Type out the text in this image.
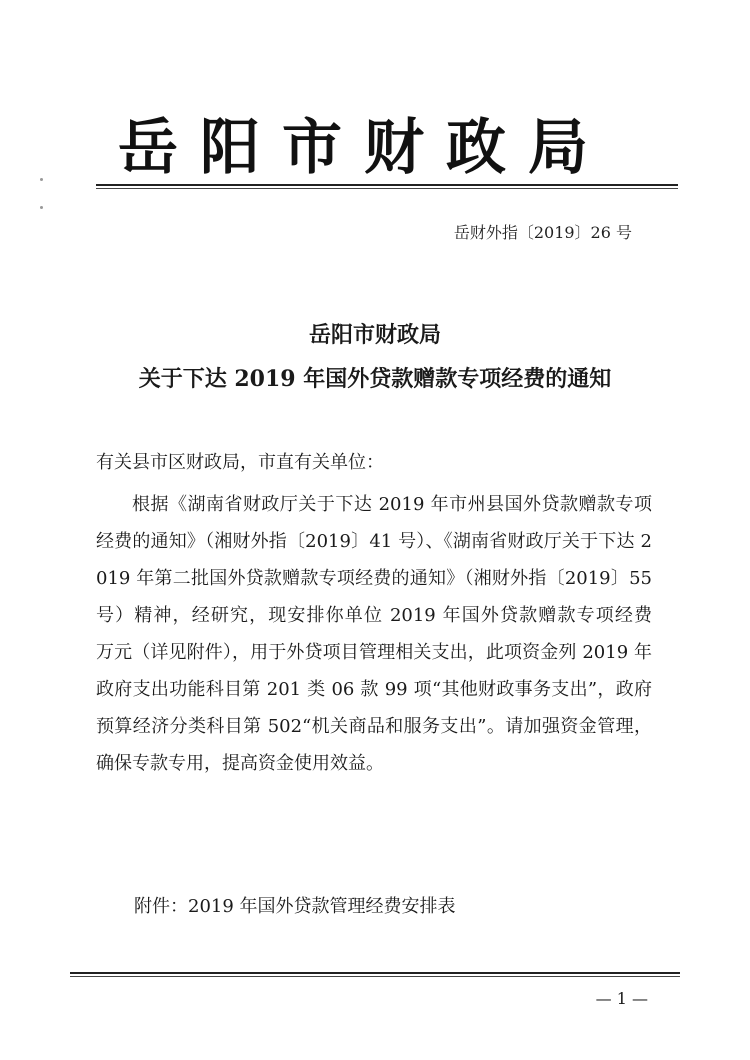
岳阳市财政局
岳财外指〔2019〕26 号
岳阳市财政局
关于下达 2019 年国外贷款赠款专项经费的通知
有关县市区财政局，市直有关单位：
根据《湖南省财政厅关于下达 2019 年市州县国外贷款赠款专项经费的通知》（湘财外指〔2019〕41 号）、《湖南省财政厅关于下达 2019 年第二批国外贷款赠款专项经费的通知》（湘财外指〔2019〕55 号）精神，经研究，现安排你单位 2019 年国外贷款赠款专项经费　　万元（详见附件），用于外贷项目管理相关支出，此项资金列 2019 年政府支出功能科目第 201 类 06 款 99 项“其他财政事务支出”，政府预算经济分类科目第 502“机关商品和服务支出”。请加强资金管理，确保专款专用，提高资金使用效益。
附件：2019 年国外贷款管理经费安排表
— 1 —
